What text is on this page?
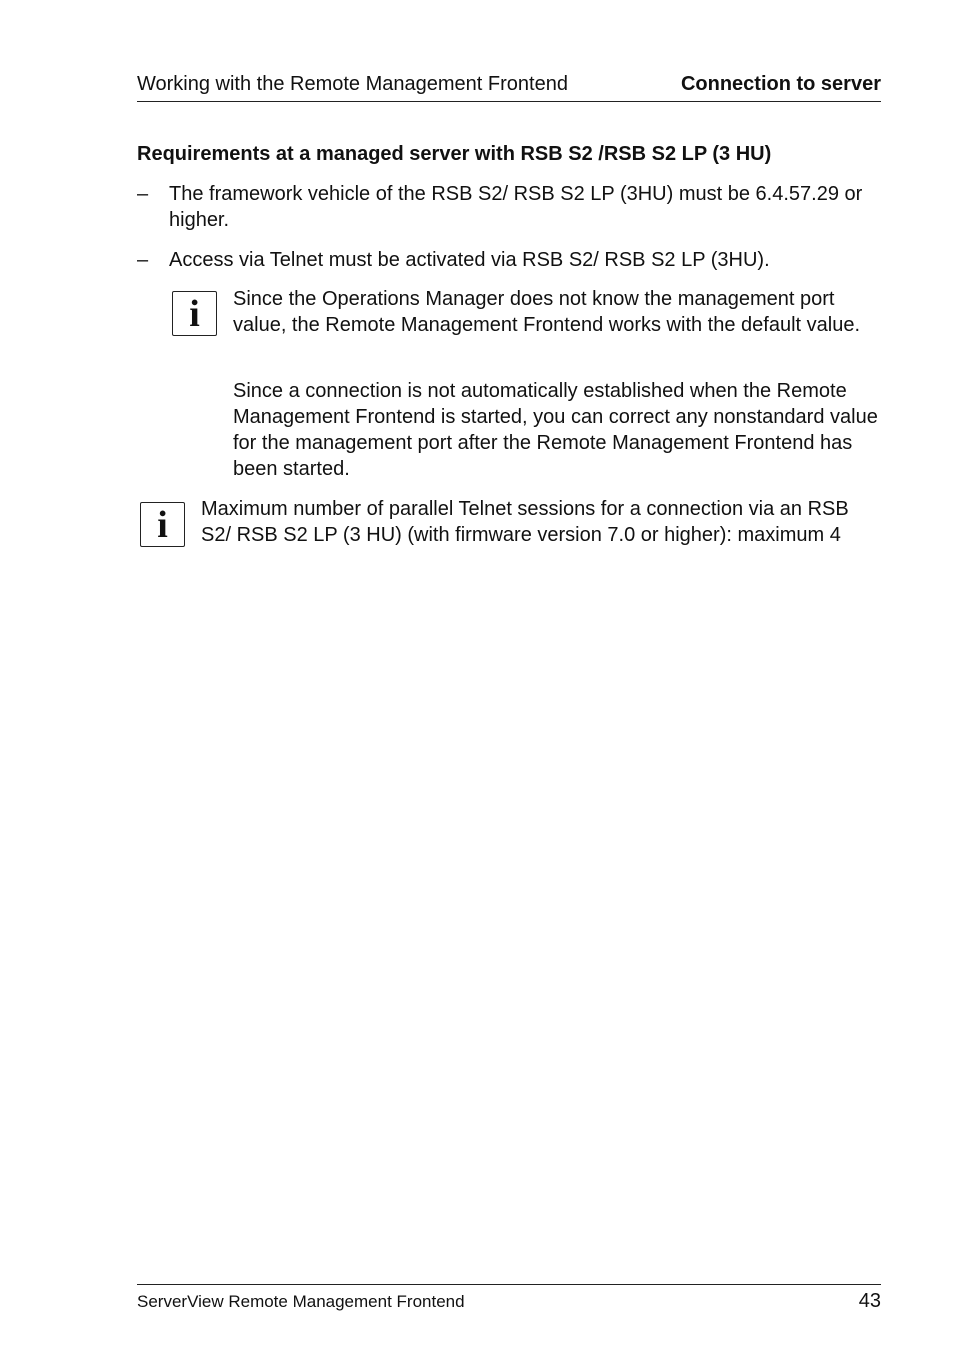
Working with the Remote Management Frontend	Connection to server
Requirements at a managed server with RSB S2 /RSB S2 LP (3 HU)
– The framework vehicle of the RSB S2/ RSB S2 LP (3HU) must be 6.4.57.29 or higher.
– Access via Telnet must be activated via RSB S2/ RSB S2 LP (3HU).
i	Since the Operations Manager does not know the management port value, the Remote Management Frontend works with the default value.
Since a connection is not automatically established when the Remote Management Frontend is started, you can correct any nonstandard value for the management port after the Remote Management Frontend has been started.
i	Maximum number of parallel Telnet sessions for a connection via an RSB S2/ RSB S2 LP (3 HU) (with firmware version 7.0 or higher): maximum 4
ServerView Remote Management Frontend	43
